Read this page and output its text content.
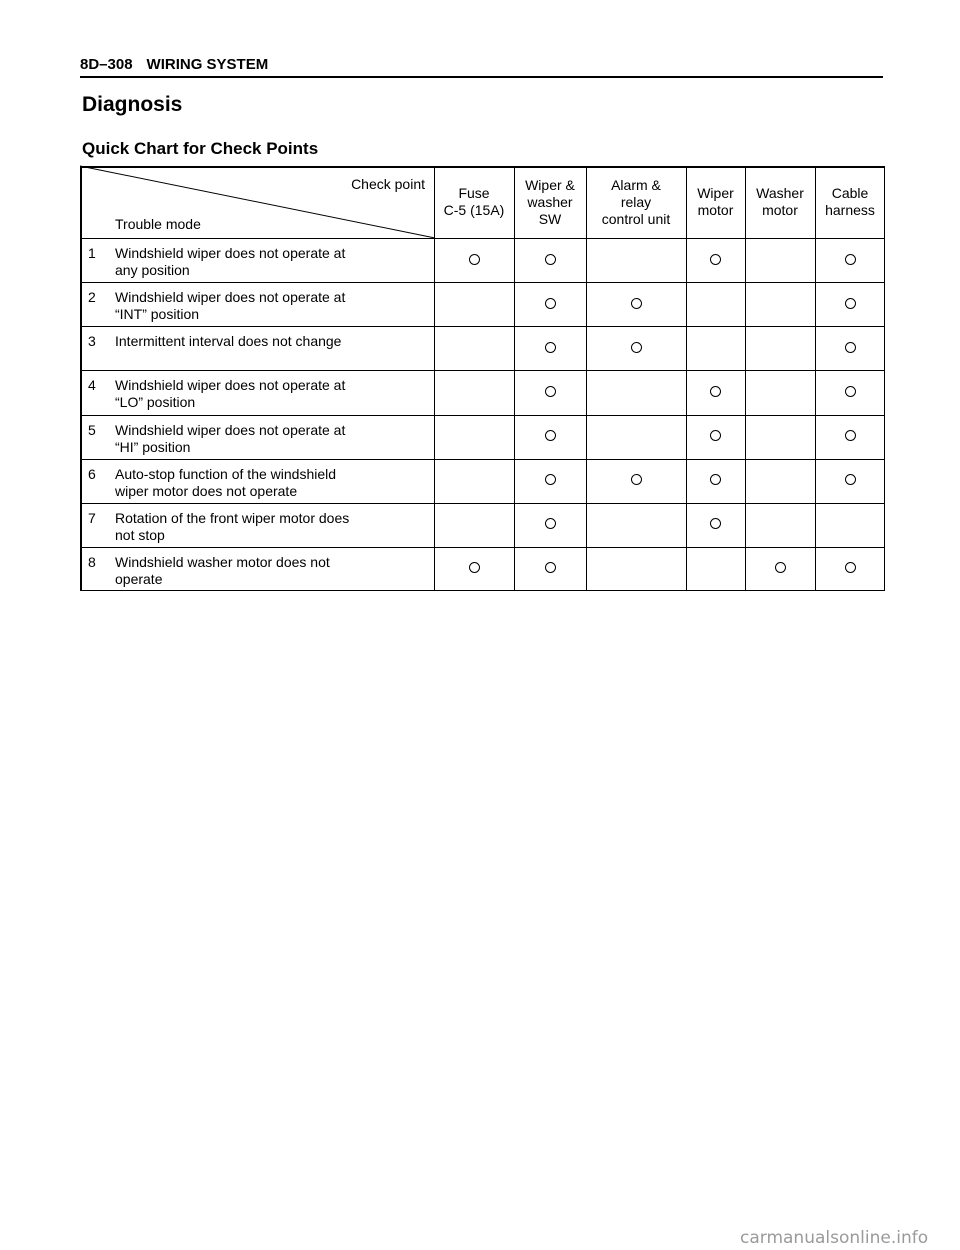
8D–308 WIRING SYSTEM
Diagnosis
Quick Chart for Check Points
Check point
Trouble mode
Fuse
C-5 (15A)
Wiper &
washer
SW
Alarm &
relay
control unit
Wiper
motor
Washer
motor
Cable
harness
1 Windshield wiper does not operate at
any position
2 Windshield wiper does not operate at
“INT” position
3 Intermittent interval does not change
4 Windshield wiper does not operate at
“LO” position
5 Windshield wiper does not operate at
“HI” position
6 Auto-stop function of the windshield
wiper motor does not operate
7 Rotation of the front wiper motor does
not stop
8 Windshield washer motor does not
operate
carmanualsonline.info
